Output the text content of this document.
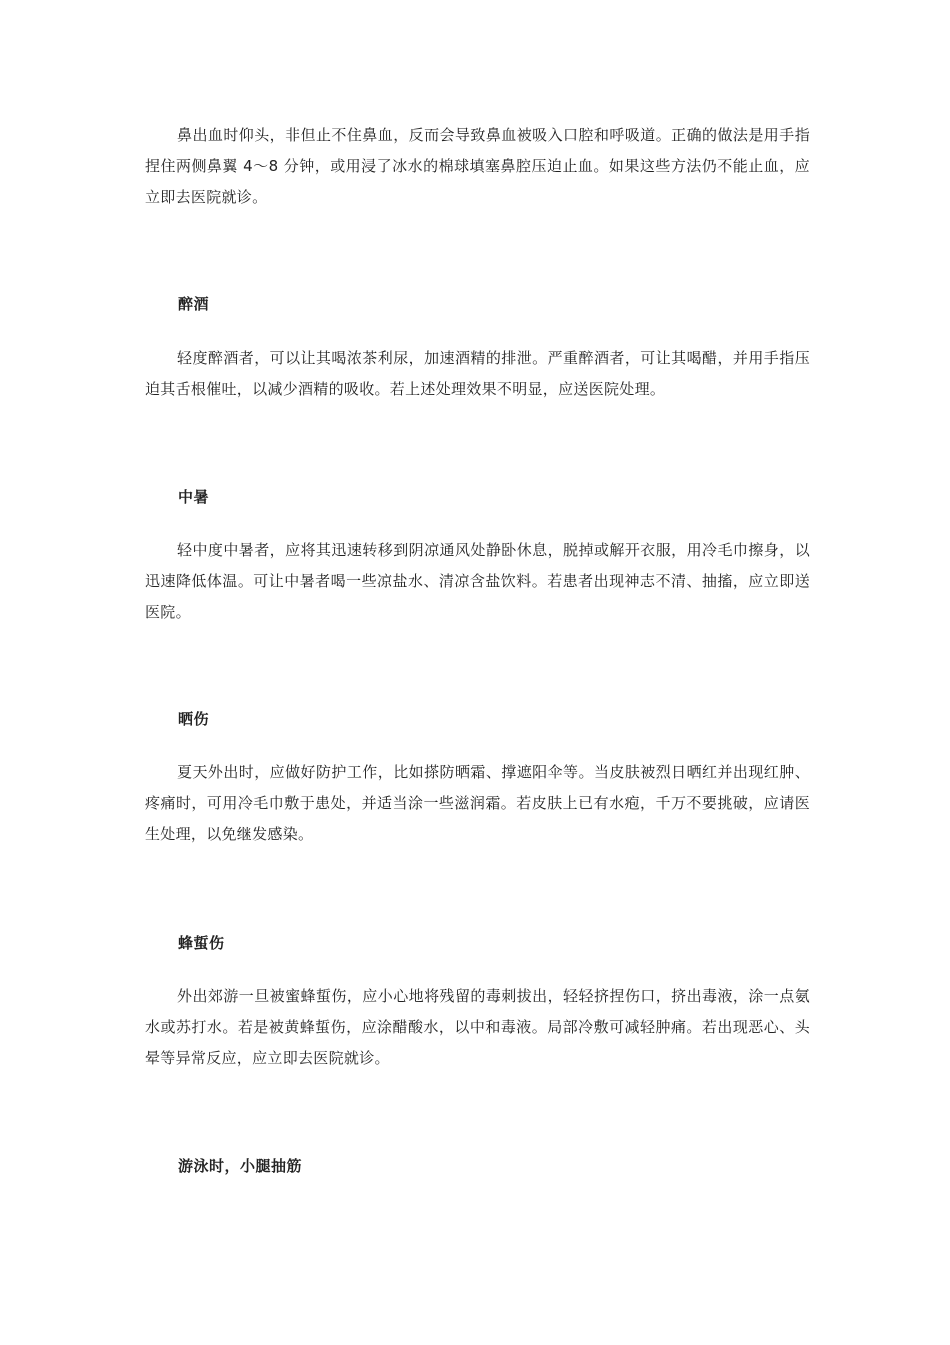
鼻出血时仰头，非但止不住鼻血，反而会导致鼻血被吸入口腔和呼吸道。正确的做法是用手指捏住两侧鼻翼 4～8 分钟，或用浸了冰水的棉球填塞鼻腔压迫止血。如果这些方法仍不能止血，应立即去医院就诊。

醉酒

轻度醉酒者，可以让其喝浓茶利尿，加速酒精的排泄。严重醉酒者，可让其喝醋，并用手指压迫其舌根催吐，以减少酒精的吸收。若上述处理效果不明显，应送医院处理。

中暑

轻中度中暑者，应将其迅速转移到阴凉通风处静卧休息，脱掉或解开衣服，用冷毛巾擦身，以迅速降低体温。可让中暑者喝一些凉盐水、清凉含盐饮料。若患者出现神志不清、抽搐，应立即送医院。

晒伤

夏天外出时，应做好防护工作，比如搽防晒霜、撑遮阳伞等。当皮肤被烈日晒红并出现红肿、疼痛时，可用冷毛巾敷于患处，并适当涂一些滋润霜。若皮肤上已有水疱，千万不要挑破，应请医生处理，以免继发感染。

蜂蜇伤

外出郊游一旦被蜜蜂蜇伤，应小心地将残留的毒刺拔出，轻轻挤捏伤口，挤出毒液，涂一点氨水或苏打水。若是被黄蜂蜇伤，应涂醋酸水，以中和毒液。局部冷敷可减轻肿痛。若出现恶心、头晕等异常反应，应立即去医院就诊。

游泳时，小腿抽筋
